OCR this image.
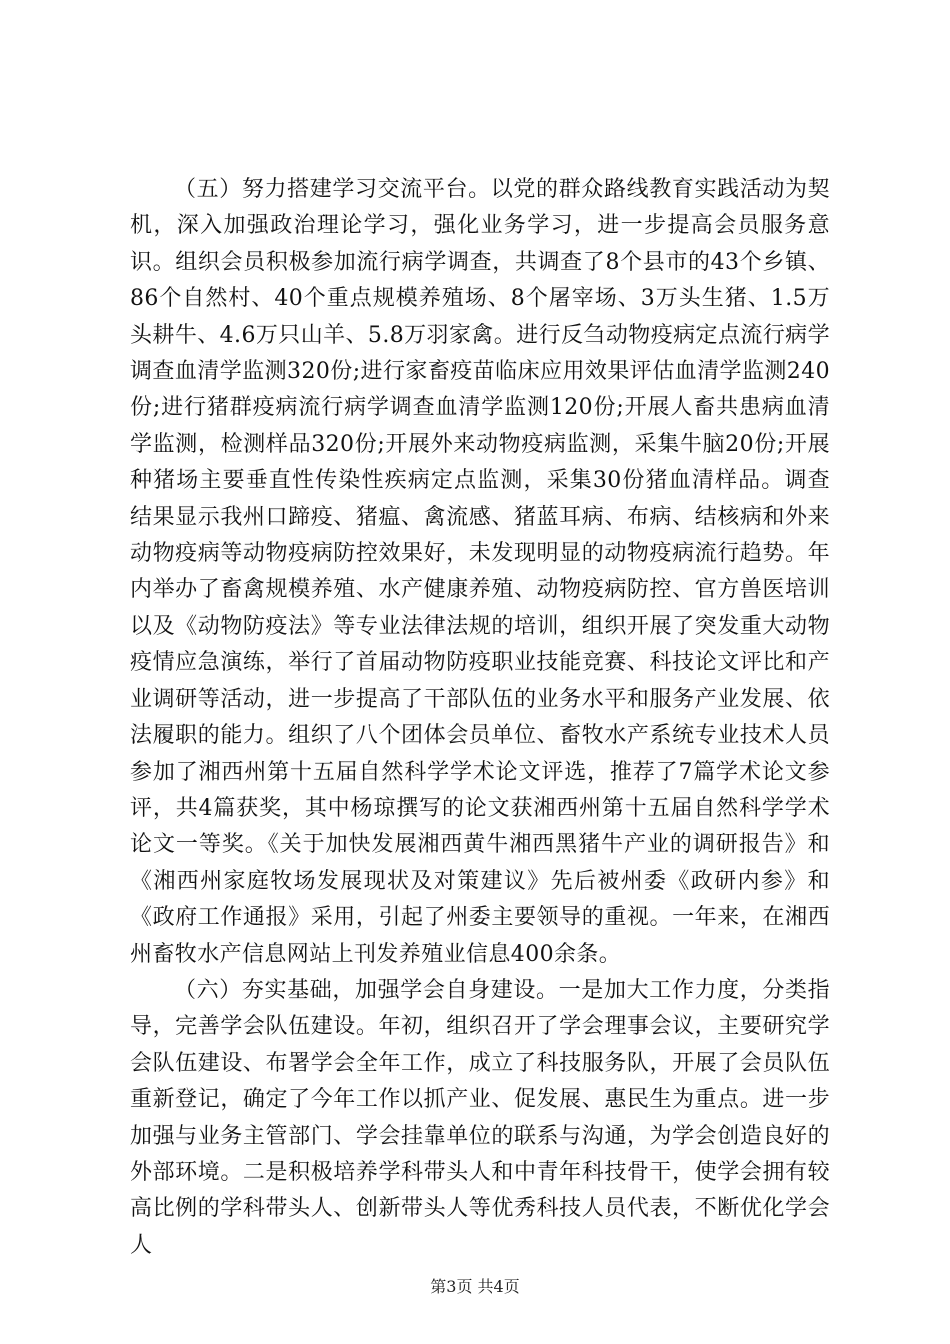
（五）努力搭建学习交流平台。以党的群众路线教育实践活动为契机，深入加强政治理论学习，强化业务学习，进一步提高会员服务意识。组织会员积极参加流行病学调查，共调查了8个县市的43个乡镇、86个自然村、40个重点规模养殖场、8个屠宰场、3万头生猪、1.5万头耕牛、4.6万只山羊、5.8万羽家禽。进行反刍动物疫病定点流行病学调查血清学监测320份;进行家畜疫苗临床应用效果评估血清学监测240份;进行猪群疫病流行病学调查血清学监测120份;开展人畜共患病血清学监测，检测样品320份;开展外来动物疫病监测，采集牛脑20份;开展种猪场主要垂直性传染性疾病定点监测，采集30份猪血清样品。调查结果显示我州口蹄疫、猪瘟、禽流感、猪蓝耳病、布病、结核病和外来动物疫病等动物疫病防控效果好，未发现明显的动物疫病流行趋势。年内举办了畜禽规模养殖、水产健康养殖、动物疫病防控、官方兽医培训以及《动物防疫法》等专业法律法规的培训，组织开展了突发重大动物疫情应急演练，举行了首届动物防疫职业技能竞赛、科技论文评比和产业调研等活动，进一步提高了干部队伍的业务水平和服务产业发展、依法履职的能力。组织了八个团体会员单位、畜牧水产系统专业技术人员参加了湘西州第十五届自然科学学术论文评选，推荐了7篇学术论文参评，共4篇获奖，其中杨琼撰写的论文获湘西州第十五届自然科学学术论文一等奖。《关于加快发展湘西黄牛湘西黑猪牛产业的调研报告》和《湘西州家庭牧场发展现状及对策建议》先后被州委《政研内参》和《政府工作通报》采用，引起了州委主要领导的重视。一年来，在湘西州畜牧水产信息网站上刊发养殖业信息400余条。

（六）夯实基础，加强学会自身建设。一是加大工作力度，分类指导，完善学会队伍建设。年初，组织召开了学会理事会议，主要研究学会队伍建设、布署学会全年工作，成立了科技服务队，开展了会员队伍重新登记，确定了今年工作以抓产业、促发展、惠民生为重点。进一步加强与业务主管部门、学会挂靠单位的联系与沟通，为学会创造良好的外部环境。二是积极培养学科带头人和中青年科技骨干，使学会拥有较高比例的学科带头人、创新带头人等优秀科技人员代表，不断优化学会人

第3页 共4页
